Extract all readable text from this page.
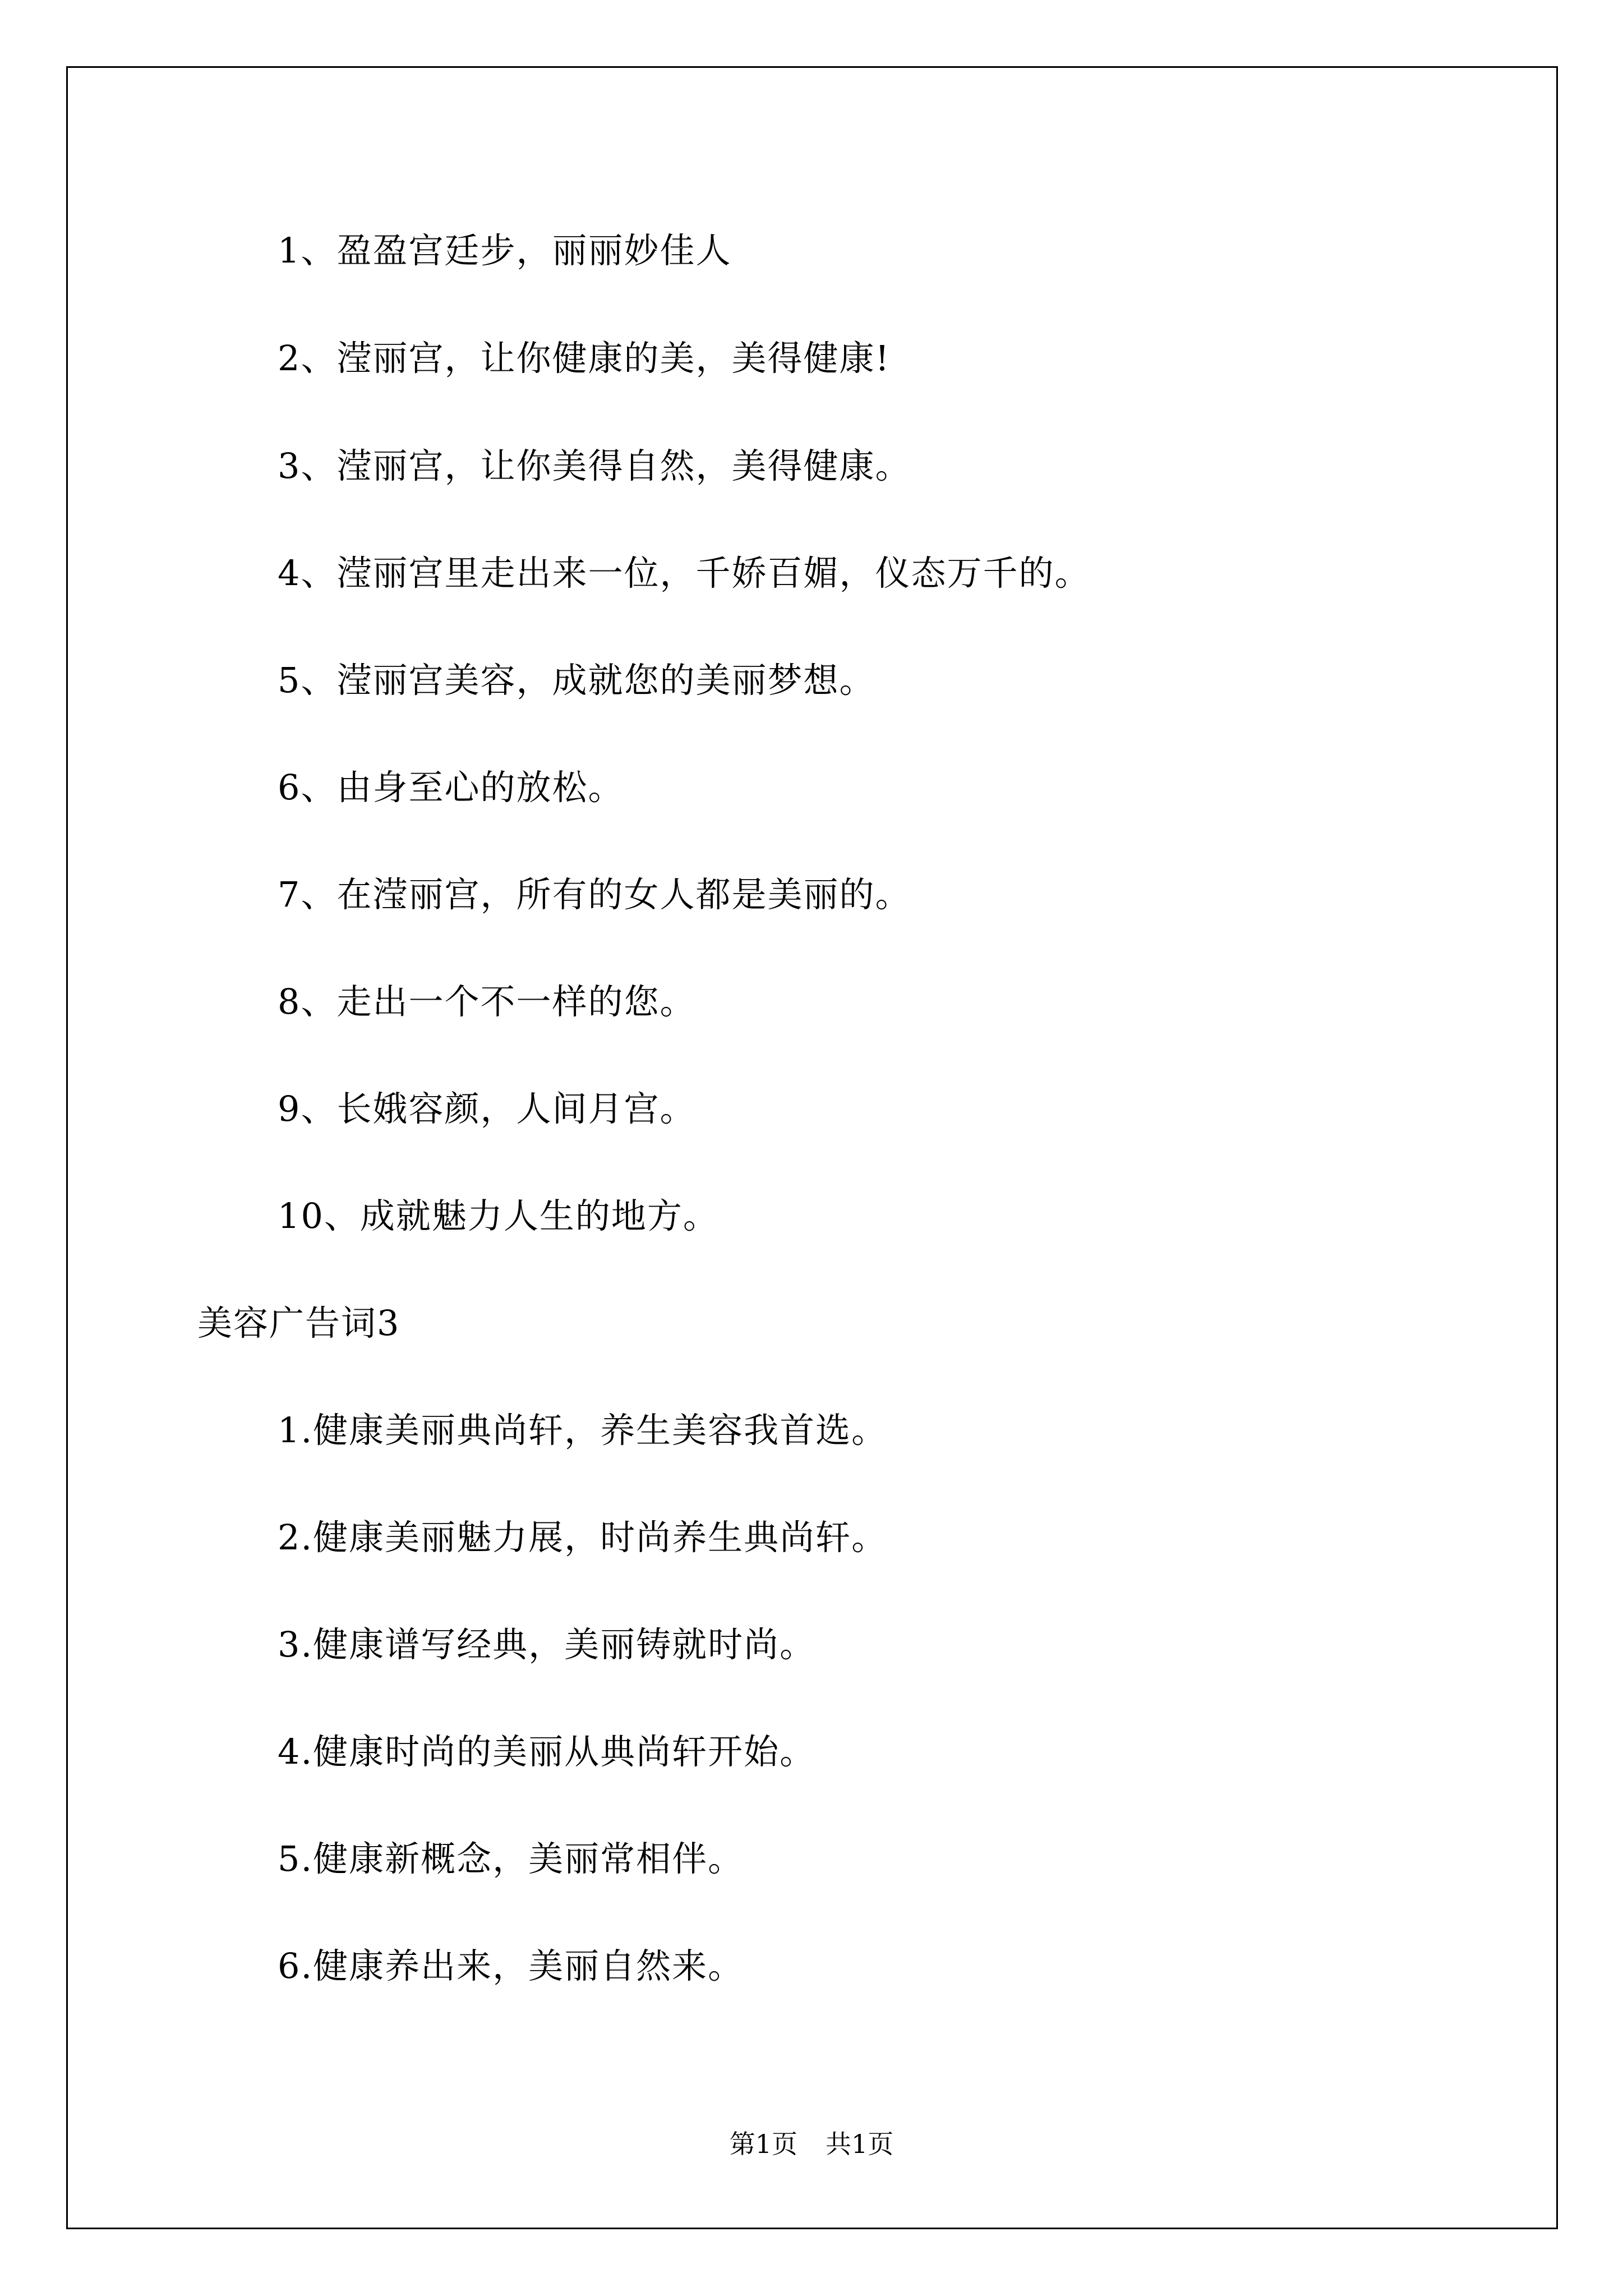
1、盈盈宫廷步，丽丽妙佳人
2、滢丽宫，让你健康的美，美得健康!
3、滢丽宫，让你美得自然，美得健康。
4、滢丽宫里走出来一位，千娇百媚，仪态万千的。
5、滢丽宫美容，成就您的美丽梦想。
6、由身至心的放松。
7、在滢丽宫，所有的女人都是美丽的。
8、走出一个不一样的您。
9、长娥容颜，人间月宫。
10、成就魅力人生的地方。
美容广告词3
1.健康美丽典尚轩，养生美容我首选。
2.健康美丽魅力展，时尚养生典尚轩。
3.健康谱写经典，美丽铸就时尚。
4.健康时尚的美丽从典尚轩开始。
5.健康新概念，美丽常相伴。
6.健康养出来，美丽自然来。
第1页 共1页
